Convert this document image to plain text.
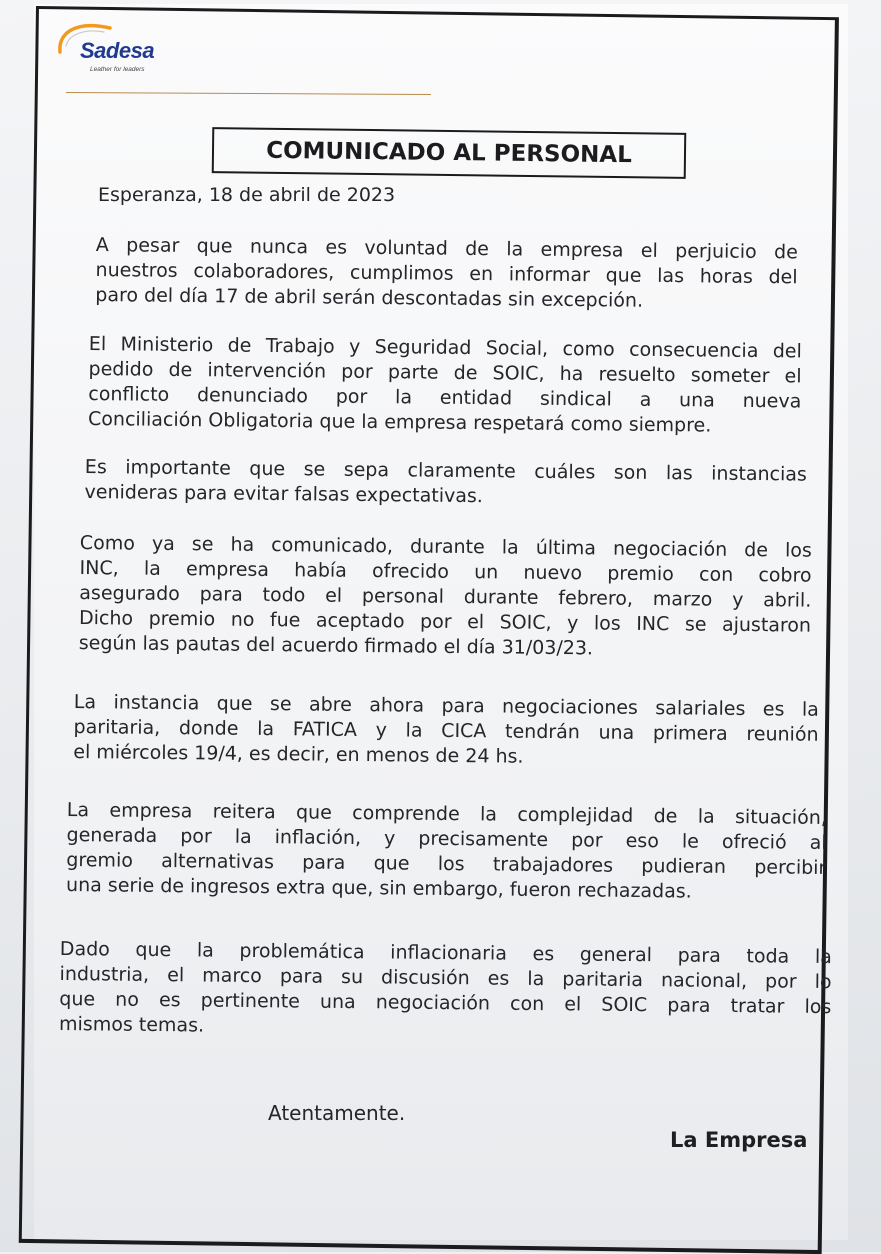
Sadesa
Leather for leaders
COMUNICADO AL PERSONAL
Esperanza, 18 de abril de 2023
A pesar que nunca es voluntad de la empresa el perjuicio de
nuestros colaboradores, cumplimos en informar que las horas del
paro del día 17 de abril serán descontadas sin excepción.
El Ministerio de Trabajo y Seguridad Social, como consecuencia del
pedido de intervención por parte de SOIC, ha resuelto someter el
conflicto denunciado por la entidad sindical a una nueva
Conciliación Obligatoria que la empresa respetará como siempre.
Es importante que se sepa claramente cuáles son las instancias
venideras para evitar falsas expectativas.
Como ya se ha comunicado, durante la última negociación de los
INC, la empresa había ofrecido un nuevo premio con cobro
asegurado para todo el personal durante febrero, marzo y abril.
Dicho premio no fue aceptado por el SOIC, y los INC se ajustaron
según las pautas del acuerdo firmado el día 31/03/23.
La instancia que se abre ahora para negociaciones salariales es la
paritaria, donde la FATICA y la CICA tendrán una primera reunión
el miércoles 19/4, es decir, en menos de 24 hs.
La empresa reitera que comprende la complejidad de la situación,
generada por la inflación, y precisamente por eso le ofreció al
gremio alternativas para que los trabajadores pudieran percibir
una serie de ingresos extra que, sin embargo, fueron rechazadas.
Dado que la problemática inflacionaria es general para toda la
industria, el marco para su discusión es la paritaria nacional, por lo
que no es pertinente una negociación con el SOIC para tratar los
mismos temas.
Atentamente.
La Empresa
